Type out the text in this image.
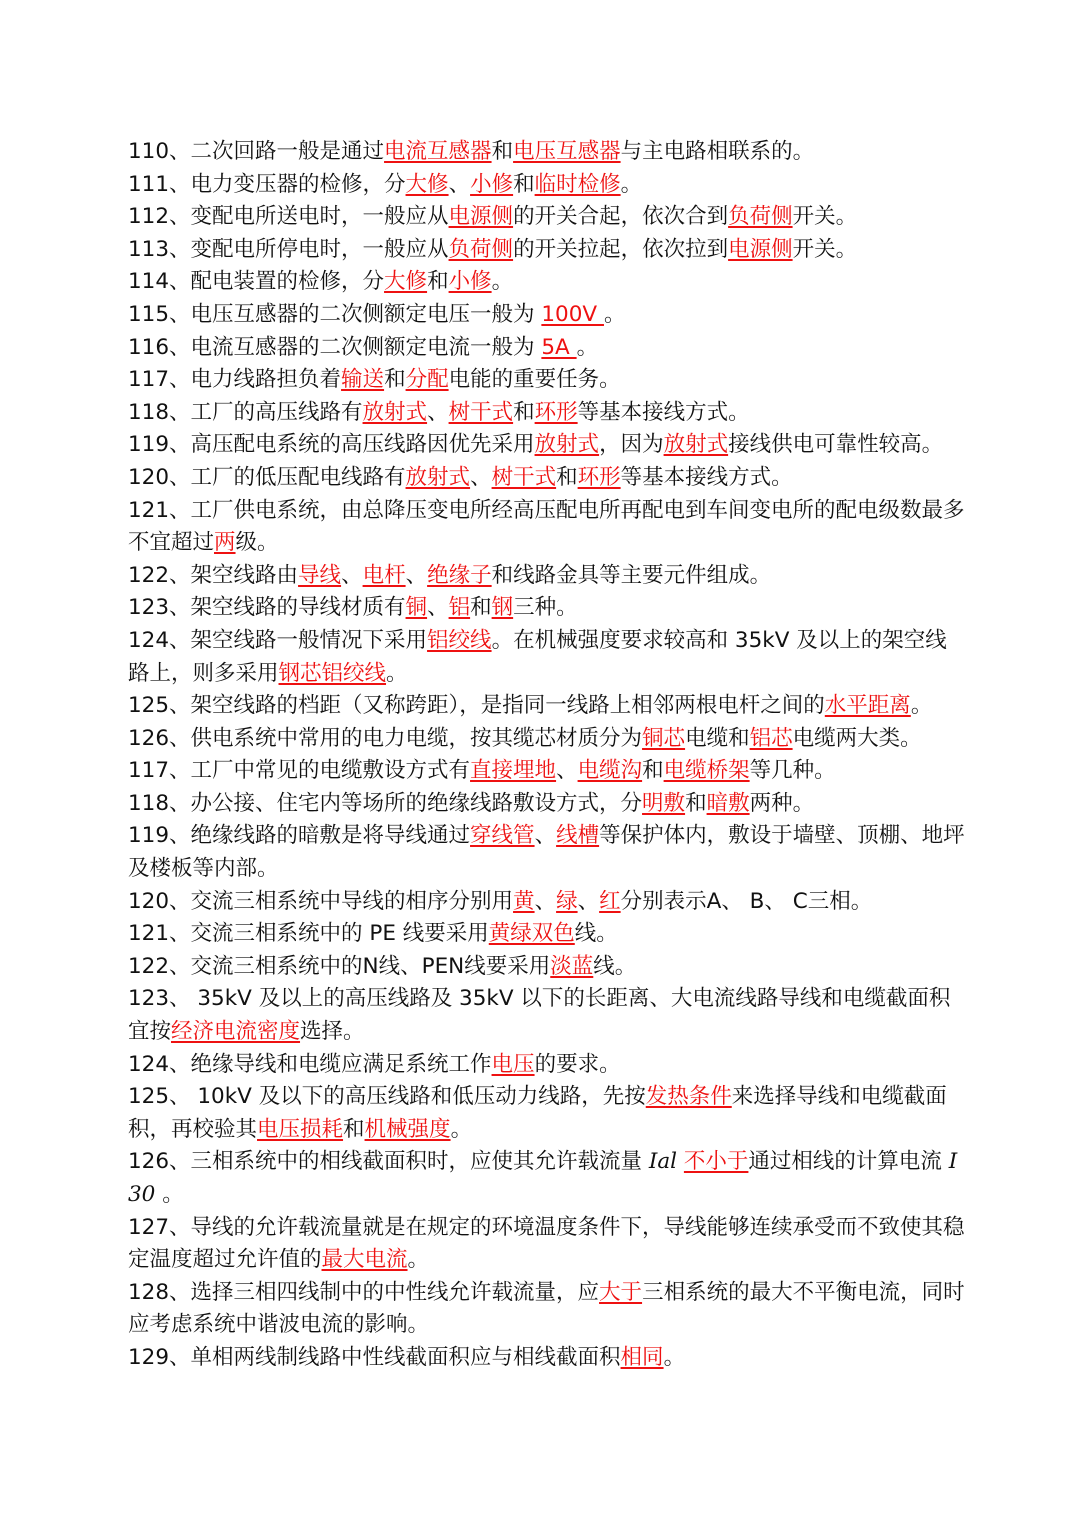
110、二次回路一般是通过电流互感器和电压互感器与主电路相联系的。

111、电力变压器的检修，分大修、小修和临时检修。

112、变配电所送电时，一般应从电源侧的开关合起，依次合到负荷侧开关。

113、变配电所停电时，一般应从负荷侧的开关拉起，依次拉到电源侧开关。

114、配电装置的检修，分大修和小修。

115、电压互感器的二次侧额定电压一般为 100V 。

116、电流互感器的二次侧额定电流一般为 5A 。

117、电力线路担负着输送和分配电能的重要任务。

118、工厂的高压线路有放射式、树干式和环形等基本接线方式。

119、高压配电系统的高压线路因优先采用放射式，因为放射式接线供电可靠性较高。

120、工厂的低压配电线路有放射式、树干式和环形等基本接线方式。

121、工厂供电系统，由总降压变电所经高压配电所再配电到车间变电所的配电级数最多不宜超过两级。

122、架空线路由导线、电杆、绝缘子和线路金具等主要元件组成。

123、架空线路的导线材质有铜、铝和钢三种。

124、架空线路一般情况下采用铝绞线。在机械强度要求较高和 35kV 及以上的架空线路上，则多采用钢芯铝绞线。

125、架空线路的档距（又称跨距），是指同一线路上相邻两根电杆之间的水平距离。

126、供电系统中常用的电力电缆，按其缆芯材质分为铜芯电缆和铝芯电缆两大类。

117、工厂中常见的电缆敷设方式有直接埋地、电缆沟和电缆桥架等几种。

118、办公接、住宅内等场所的绝缘线路敷设方式，分明敷和暗敷两种。

119、绝缘线路的暗敷是将导线通过穿线管、线槽等保护体内，敷设于墙壁、顶棚、地坪及楼板等内部。

120、交流三相系统中导线的相序分别用黄、绿、红分别表示A、 B、 C三相。

121、交流三相系统中的 PE 线要采用黄绿双色线。

122、交流三相系统中的N线、PEN线要采用淡蓝线。

123、 35kV 及以上的高压线路及 35kV 以下的长距离、大电流线路导线和电缆截面积宜按经济电流密度选择。

124、绝缘导线和电缆应满足系统工作电压的要求。

125、 10kV 及以下的高压线路和低压动力线路，先按发热条件来选择导线和电缆截面积，再校验其电压损耗和机械强度。

126、三相系统中的相线截面积时，应使其允许载流量 Ial 不小于通过相线的计算电流 I30 。

127、导线的允许载流量就是在规定的环境温度条件下，导线能够连续承受而不致使其稳定温度超过允许值的最大电流。

128、选择三相四线制中的中性线允许载流量，应大于三相系统的最大不平衡电流，同时应考虑系统中谐波电流的影响。

129、单相两线制线路中性线截面积应与相线截面积相同。
